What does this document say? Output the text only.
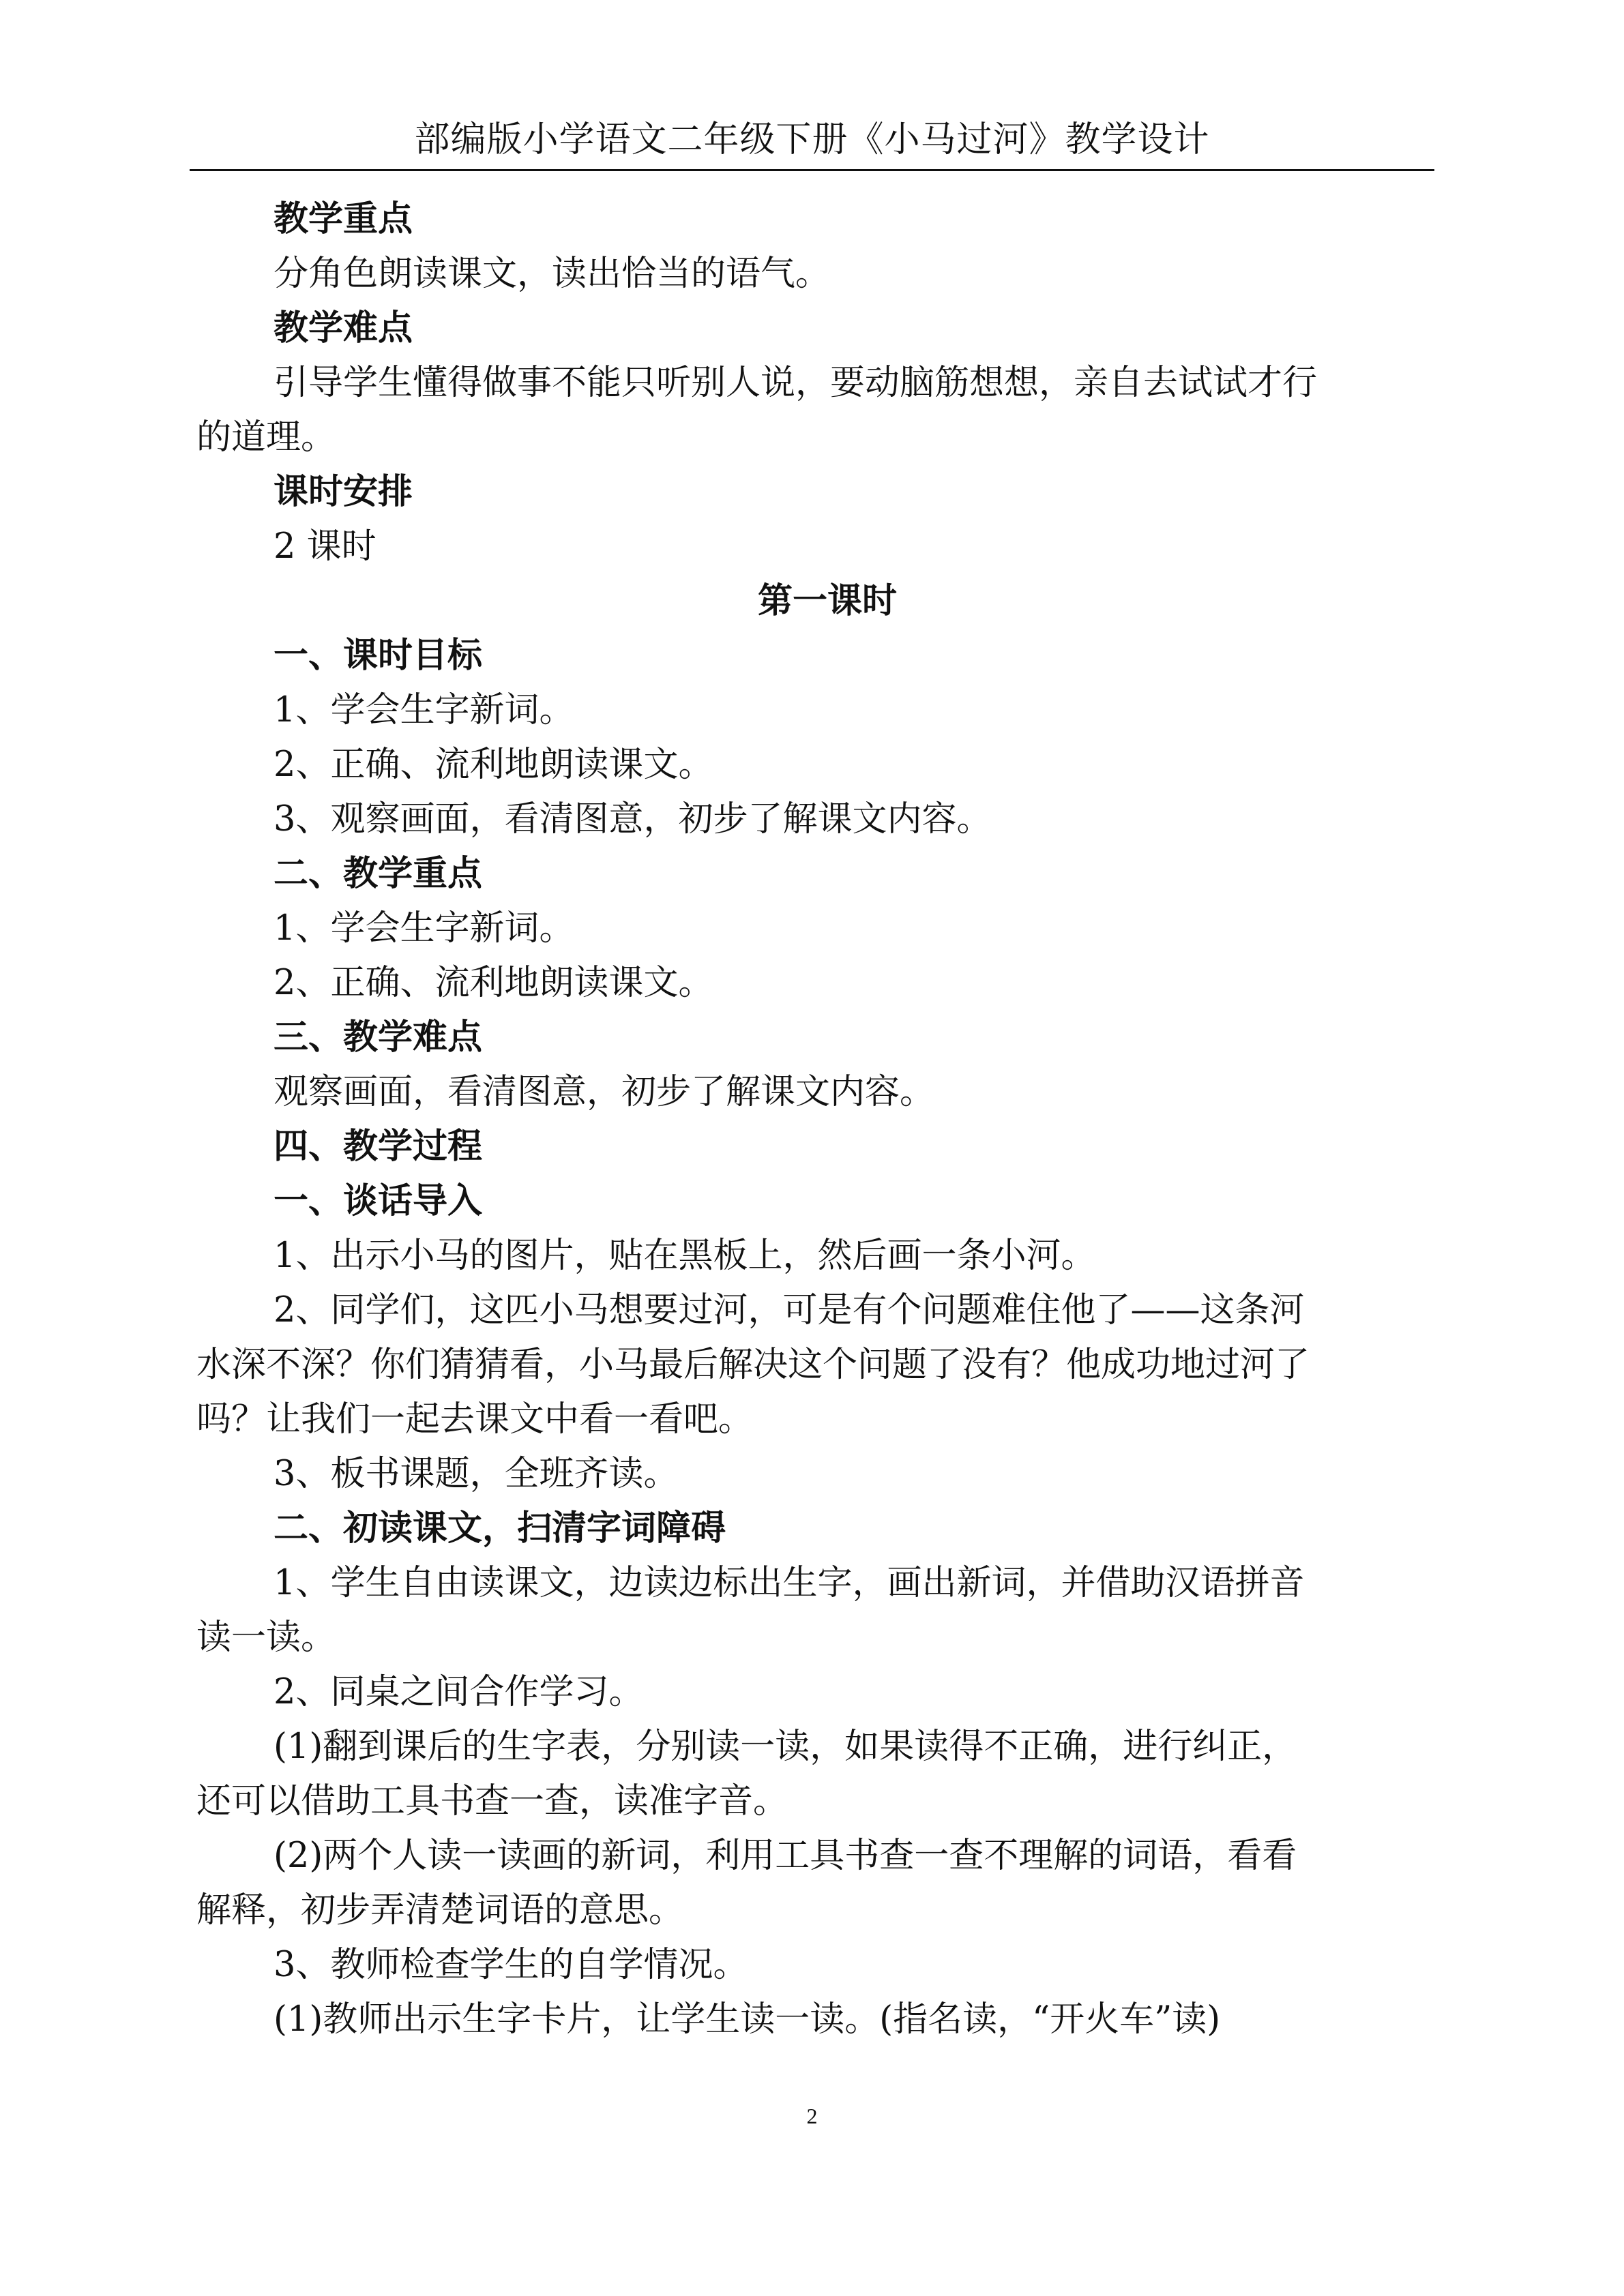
部编版小学语文二年级下册《小马过河》教学设计

教学重点

分角色朗读课文，读出恰当的语气。

教学难点

引导学生懂得做事不能只听别人说，要动脑筋想想，亲自去试试才行

的道理。

课时安排

2 课时

第一课时

一、课时目标

1、学会生字新词。

2、正确、流利地朗读课文。

3、观察画面，看清图意，初步了解课文内容。

二、教学重点

1、学会生字新词。

2、正确、流利地朗读课文。

三、教学难点

观察画面，看清图意，初步了解课文内容。

四、教学过程

一、谈话导入

1、出示小马的图片，贴在黑板上，然后画一条小河。

2、同学们，这匹小马想要过河，可是有个问题难住他了——这条河

水深不深？你们猜猜看，小马最后解决这个问题了没有？他成功地过河了

吗？让我们一起去课文中看一看吧。

3、板书课题，全班齐读。

二、初读课文，扫清字词障碍

1、学生自由读课文，边读边标出生字，画出新词，并借助汉语拼音

读一读。

2、同桌之间合作学习。

(1)翻到课后的生字表，分别读一读，如果读得不正确，进行纠正，

还可以借助工具书查一查，读准字音。

(2)两个人读一读画的新词，利用工具书查一查不理解的词语，看看

解释，初步弄清楚词语的意思。

3、教师检查学生的自学情况。

(1)教师出示生字卡片，让学生读一读。(指名读，“开火车”读)

2
